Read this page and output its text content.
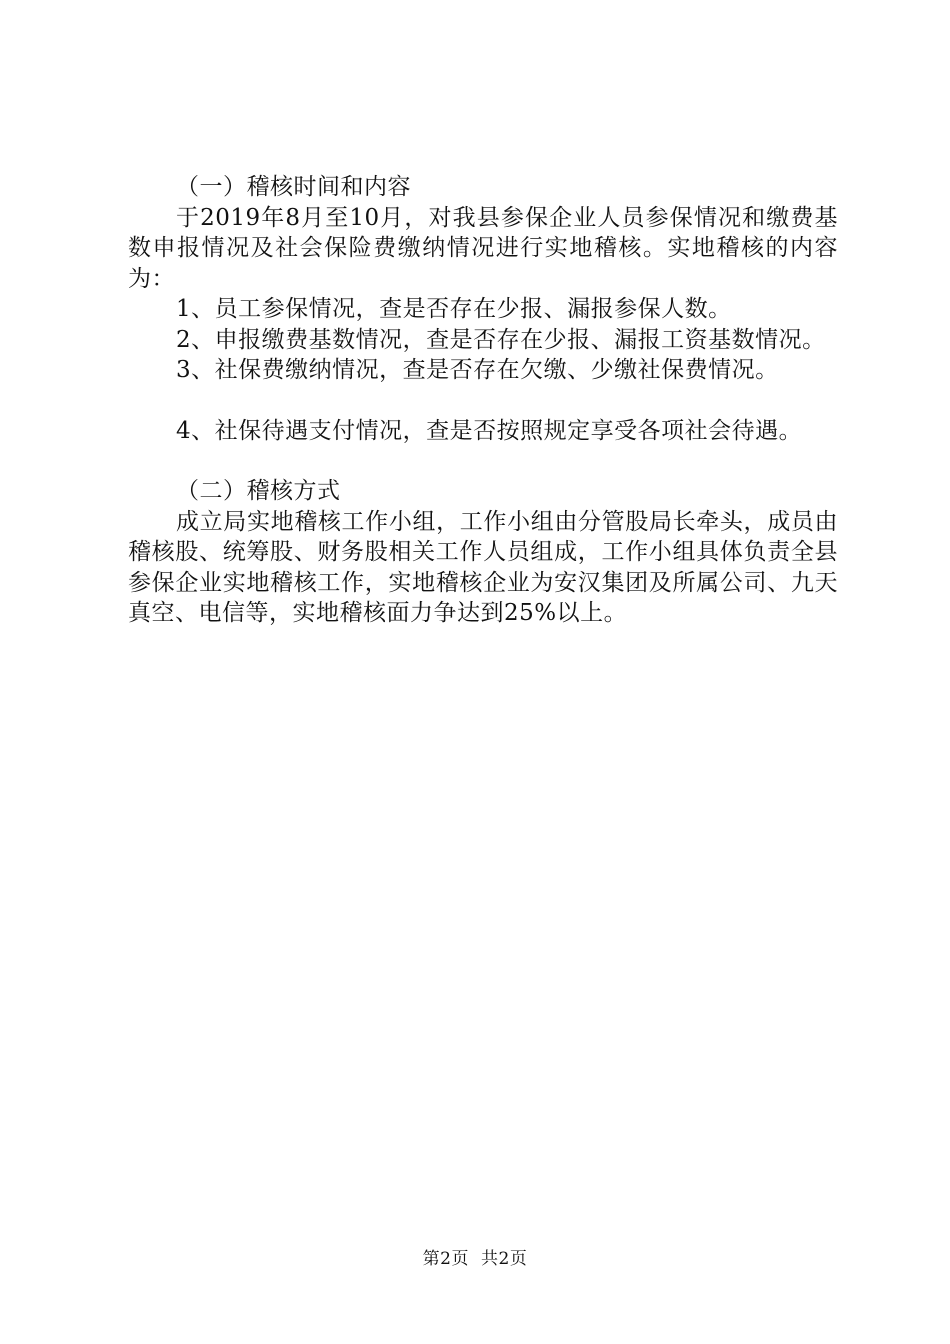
（一）稽核时间和内容

于2019年8月至10月，对我县参保企业人员参保情况和缴费基数申报情况及社会保险费缴纳情况进行实地稽核。实地稽核的内容为：

1、员工参保情况，查是否存在少报、漏报参保人数。

2、申报缴费基数情况，查是否存在少报、漏报工资基数情况。

3、社保费缴纳情况，查是否存在欠缴、少缴社保费情况。

4、社保待遇支付情况，查是否按照规定享受各项社会待遇。

（二）稽核方式

成立局实地稽核工作小组，工作小组由分管股局长牵头，成员由稽核股、统筹股、财务股相关工作人员组成，工作小组具体负责全县参保企业实地稽核工作，实地稽核企业为安汉集团及所属公司、九天真空、电信等，实地稽核面力争达到25%以上。

第2页 共2页
